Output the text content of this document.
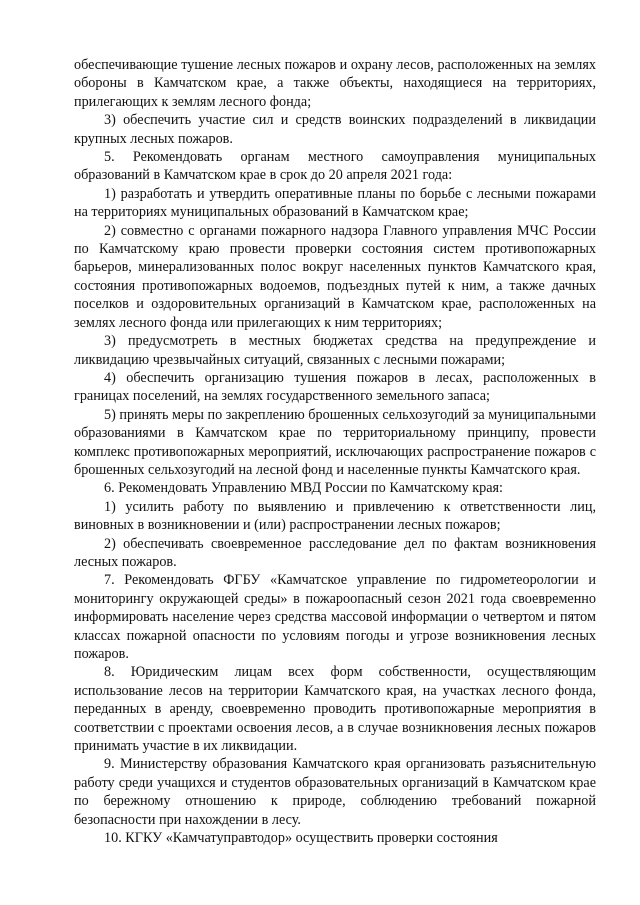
обеспечивающие тушение лесных пожаров и охрану лесов, расположенных на землях обороны в Камчатском крае, а также объекты, находящиеся на территориях, прилегающих к землям лесного фонда;

3) обеспечить участие сил и средств воинских подразделений в ликвидации крупных лесных пожаров.

5. Рекомендовать органам местного самоуправления муниципальных образований в Камчатском крае в срок до 20 апреля 2021 года:

1) разработать и утвердить оперативные планы по борьбе с лесными пожарами на территориях муниципальных образований в Камчатском крае;

2) совместно с органами пожарного надзора Главного управления МЧС России по Камчатскому краю провести проверки состояния систем противопожарных барьеров, минерализованных полос вокруг населенных пунктов Камчатского края, состояния противопожарных водоемов, подъездных путей к ним, а также дачных поселков и оздоровительных организаций в Камчатском крае, расположенных на землях лесного фонда или прилегающих к ним территориях;

3) предусмотреть в местных бюджетах средства на предупреждение и ликвидацию чрезвычайных ситуаций, связанных с лесными пожарами;

4) обеспечить организацию тушения пожаров в лесах, расположенных в границах поселений, на землях государственного земельного запаса;

5) принять меры по закреплению брошенных сельхозугодий за муниципальными образованиями в Камчатском крае по территориальному принципу, провести комплекс противопожарных мероприятий, исключающих распространение пожаров с брошенных сельхозугодий на лесной фонд и населенные пункты Камчатского края.

6. Рекомендовать Управлению МВД России по Камчатскому края:

1) усилить работу по выявлению и привлечению к ответственности лиц, виновных в возникновении и (или) распространении лесных пожаров;

2) обеспечивать своевременное расследование дел по фактам возникновения лесных пожаров.

7. Рекомендовать ФГБУ «Камчатское управление по гидрометеорологии и мониторингу окружающей среды» в пожароопасный сезон 2021 года своевременно информировать население через средства массовой информации о четвертом и пятом классах пожарной опасности по условиям погоды и угрозе возникновения лесных пожаров.

8. Юридическим лицам всех форм собственности, осуществляющим использование лесов на территории Камчатского края, на участках лесного фонда, переданных в аренду, своевременно проводить противопожарные мероприятия в соответствии с проектами освоения лесов, а в случае возникновения лесных пожаров принимать участие в их ликвидации.

9. Министерству образования Камчатского края организовать разъяснительную работу среди учащихся и студентов образовательных организаций в Камчатском крае по бережному отношению к природе, соблюдению требований пожарной безопасности при нахождении в лесу.

10. КГКУ «Камчатуправтодор» осуществить проверки состояния
